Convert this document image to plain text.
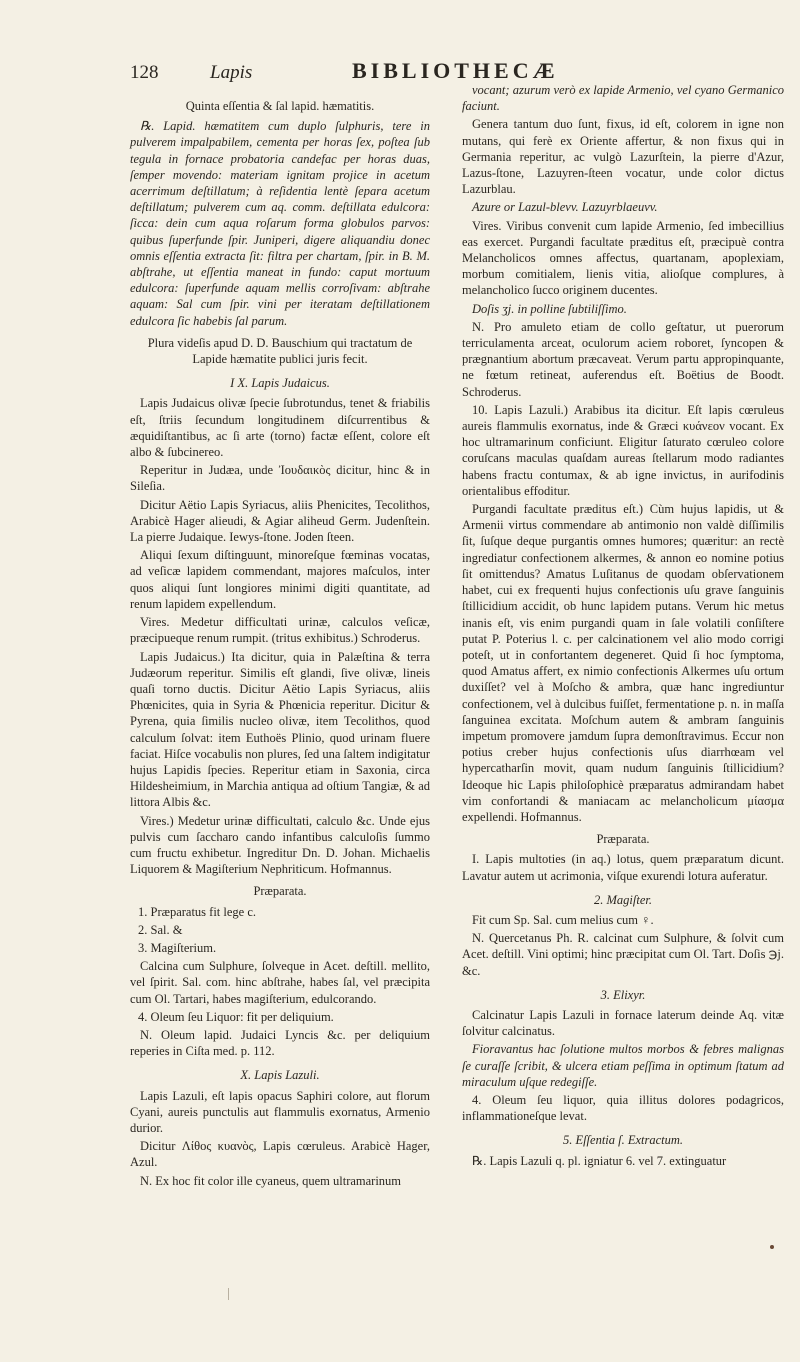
128	Lapis	BIBLIOTHECÆ

Quinta eſſentia & ſal lapid. hæmatitis.

℞. Lapid. hæmatitem cum duplo ſulphuris, tere in pulverem impalpabilem, cementa per horas ſex, poſtea ſub tegula in fornace probatoria candefac per horas duas, ſemper movendo: materiam ignitam projice in acetum acerrimum deſtillatum; à reſidentia lentè ſepara acetum deſtillatum; pulverem cum aq. comm. deſtillata edulcora: ſicca: dein cum aqua roſarum forma globulos parvos: quibus ſuperfunde ſpir. Juniperi, digere aliquandiu donec omnis eſſentia extracta ſit: filtra per chartam, ſpir. in B. M. abſtrahe, ut eſſentia maneat in fundo: caput mortuum edulcora: ſuperfunde aquam mellis corroſivam: abſtrahe aquam: Sal cum ſpir. vini per iteratam deſtillationem edulcora ſic habebis ſal parum.

Plura videſis apud D. D. Bauschium qui tractatum de Lapide hæmatite publici juris fecit.

I X. Lapis Judaicus.

Lapis Judaicus olivæ ſpecie ſubrotundus, tenet & friabilis eſt, ſtriis ſecundum longitudinem diſcurrentibus & æquidiſtantibus, ac ſi arte (torno) factæ eſſent, colore eſt albo & ſubcinereo.

Reperitur in Judæa, unde Ἰουδαικὸς dicitur, hinc & in Sileſia.

Dicitur Aëtio Lapis Syriacus, aliis Phenicites, Tecolithos, Arabicè Hager alieudi, & Agiar aliheud Germ. Judenſtein. La pierre Judaique. Iewys-ſtone. Joden ſteen.

Aliqui ſexum diſtinguunt, minoreſque fœminas vocatas, ad veſicæ lapidem commendant, majores maſculos, inter quos aliqui ſunt longiores minimi digiti quantitate, ad renum lapidem expellendum.

Vires. Medetur difficultati urinæ, calculos veſicæ, præcipueque renum rumpit. (tritus exhibitus.) Schroderus.

Lapis Judaicus.) Ita dicitur, quia in Palæſtina & terra Judæorum reperitur. Similis eſt glandi, ſive olivæ, lineis quaſi torno ductis. Dicitur Aëtio Lapis Syriacus, aliis Phœnicites, quia in Syria & Phœnicia reperitur. Dicitur & Pyrena, quia ſimilis nucleo olivæ, item Tecolithos, quod calculum ſolvat: item Euthoës Plinio, quod urinam fluere faciat. Hiſce vocabulis non plures, ſed una ſaltem indigitatur hujus Lapidis ſpecies. Reperitur etiam in Saxonia, circa Hildesheimium, in Marchia antiqua ad oſtium Tangiæ, & ad littora Albis &c.

Vires.) Medetur urinæ difficultati, calculo &c. Unde ejus pulvis cum ſaccharo cando infantibus calculoſis ſummo cum fructu exhibetur. Ingreditur Dn. D. Johan. Michaelis Liquorem & Magiſterium Nephriticum. Hofmannus.

Præparata.

1. Præparatus fit lege c.

2. Sal. &

3. Magiſterium.

Calcina cum Sulphure, ſolveque in Acet. deſtill. mellito, vel ſpirit. Sal. com. hinc abſtrahe, habes ſal, vel præcipita cum Ol. Tartari, habes magiſterium, edulcorando.

4. Oleum ſeu Liquor: fit per deliquium.

N. Oleum lapid. Judaici Lyncis &c. per deliquium reperies in Ciſta med. p. 112.

X. Lapis Lazuli.

Lapis Lazuli, eſt lapis opacus Saphiri colore, aut florum Cyani, aureis punctulis aut flammulis exornatus, Armenio durior.

Dicitur Λίθος κυανὸς, Lapis cœruleus. Arabicè Hager, Azul.

N. Ex hoc fit color ille cyaneus, quem ultramarinum

vocant; azurum verò ex lapide Armenio, vel cyano Germanico faciunt.

Genera tantum duo ſunt, fixus, id eſt, colorem in igne non mutans, qui ferè ex Oriente affertur, & non fixus qui in Germania reperitur, ac vulgò Lazurſtein, la pierre d'Azur, Lazus-ſtone, Lazuyren-ſteen vocatur, unde color dictus Lazurblau.

Azure or Lazul-blevv. Lazuyrblaeuvv.

Vires. Viribus convenit cum lapide Armenio, ſed imbecillius eas exercet. Purgandi facultate præditus eſt, præcipuè contra Melancholicos omnes affectus, quartanam, apoplexiam, morbum comitialem, lienis vitia, alioſque complures, à melancholico ſucco originem ducentes.

Doſis ʒj. in polline ſubtiliſſimo.

N. Pro amuleto etiam de collo geſtatur, ut puerorum terriculamenta arceat, oculorum aciem roboret, ſyncopen & prægnantium abortum præcaveat. Verum partu appropinquante, ne fœtum retineat, auferendus eſt. Boëtius de Boodt. Schroderus.

10. Lapis Lazuli.) Arabibus ita dicitur. Eſt lapis cœruleus aureis flammulis exornatus, inde & Græci κυάνεον vocant. Ex hoc ultramarinum conficiunt. Eligitur ſaturato cœruleo colore coruſcans maculas quaſdam aureas ſtellarum modo radiantes habens fractu contumax, & ab igne invictus, in aurifodinis orientalibus effoditur.

Purgandi facultate præditus eſt.) Cùm hujus lapidis, ut & Armenii virtus commendare ab antimonio non valdè diſſimilis ſit, ſuſque deque purgantis omnes humores; quæritur: an rectè ingrediatur confectionem alkermes, & annon eo nomine potius ſit omittendus? Amatus Luſitanus de quodam obſervationem habet, cui ex frequenti hujus confectionis uſu grave ſanguinis ſtillicidium accidit, ob hunc lapidem putans. Verum hic metus inanis eſt, vis enim purgandi quam in ſale volatili conſiſtere putat P. Poterius l. c. per calcinationem vel alio modo corrigi poteſt, ut in confortantem degeneret. Quid ſi hoc ſymptoma, quod Amatus affert, ex nimio confectionis Alkermes uſu ortum duxiſſet? vel à Moſcho & ambra, quæ hanc ingrediuntur confectionem, vel à dulcibus fuiſſet, fermentatione p. n. in maſſa ſanguinea excitata. Moſchum autem & ambram ſanguinis impetum promovere jamdum ſupra demonſtravimus. Eccur non potius creber hujus confectionis uſus diarrhœam vel hypercatharſin movit, quam nudum ſanguinis ſtillicidium? Ideoque hic Lapis philoſophicè præparatus admirandam habet vim confortandi & maniacam ac melancholicum μίασμα expellendi. Hofmannus.

Præparata.

I. Lapis multoties (in aq.) lotus, quem præparatum dicunt. Lavatur autem ut acrimonia, viſque exurendi lotura auferatur.

2. Magiſter.

Fit cum Sp. Sal. cum melius cum ♀.

N. Quercetanus Ph. R. calcinat cum Sulphure, & ſolvit cum Acet. deſtill. Vini optimi; hinc præcipitat cum Ol. Tart. Doſis ℈j. &c.

3. Elixyr.

Calcinatur Lapis Lazuli in fornace laterum deinde Aq. vitæ ſolvitur calcinatus.

Fioravantus hac ſolutione multos morbos & febres malignas ſe curaſſe ſcribit, & ulcera etiam peſſima in optimum ſtatum ad miraculum uſque redegiſſe.

4. Oleum ſeu liquor, quia illitus dolores podagricos, inflammationeſque levat.

5. Eſſentia ſ. Extractum.

℞. Lapis Lazuli q. pl. igniatur 6. vel 7. extinguatur
